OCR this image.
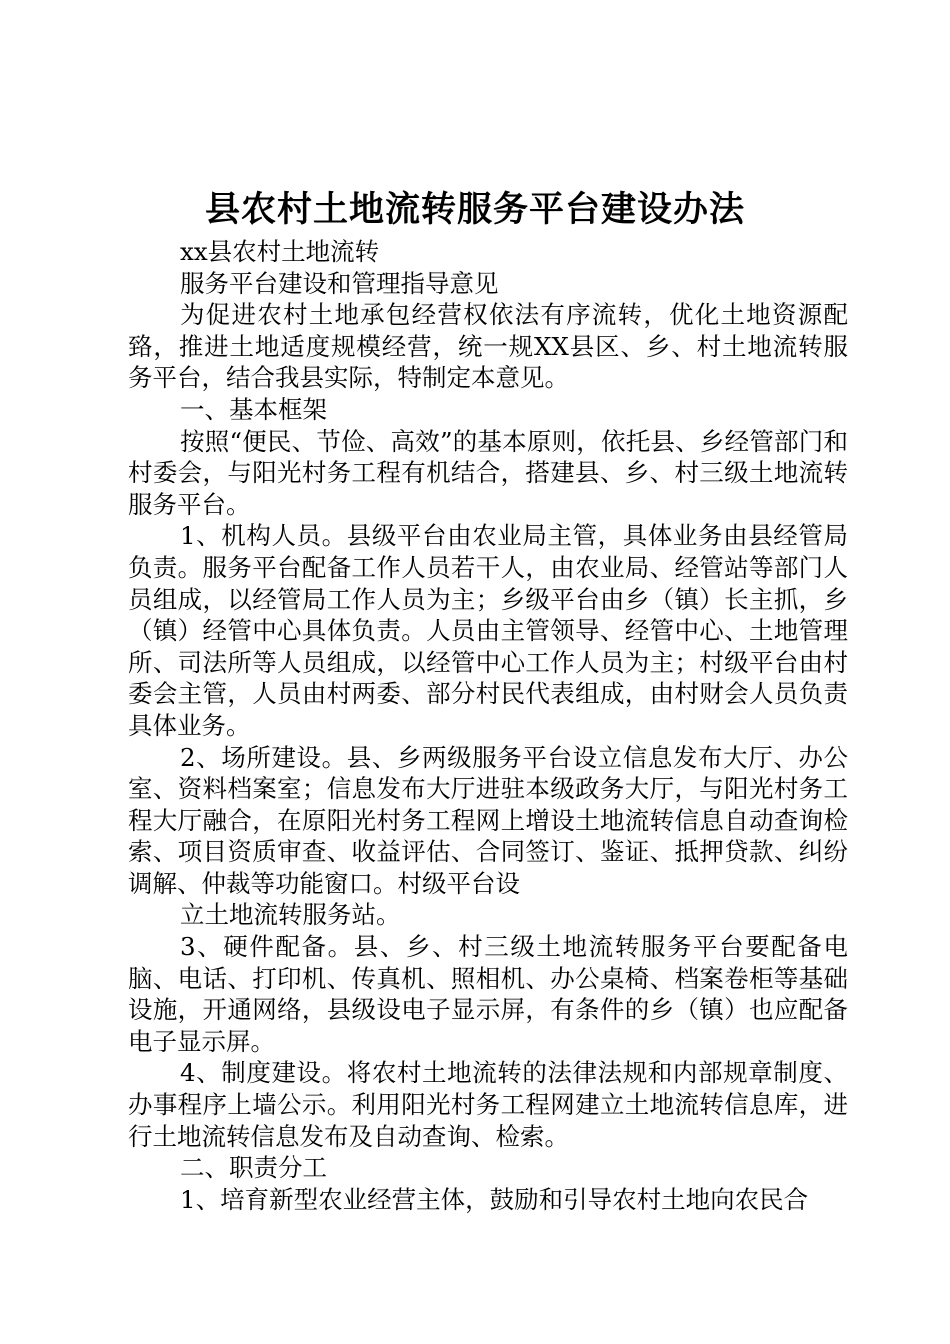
县农村土地流转服务平台建设办法

xx县农村土地流转

服务平台建设和管理指导意见

为促进农村土地承包经营权依法有序流转，优化土地资源配臵，推进土地适度规模经营，统一规XX县区、乡、村土地流转服务平台，结合我县实际，特制定本意见。

一、基本框架

按照“便民、节俭、高效”的基本原则，依托县、乡经管部门和村委会，与阳光村务工程有机结合，搭建县、乡、村三级土地流转服务平台。

1、机构人员。县级平台由农业局主管，具体业务由县经管局负责。服务平台配备工作人员若干人，由农业局、经管站等部门人员组成，以经管局工作人员为主；乡级平台由乡（镇）长主抓，乡（镇）经管中心具体负责。人员由主管领导、经管中心、土地管理所、司法所等人员组成，以经管中心工作人员为主；村级平台由村委会主管，人员由村两委、部分村民代表组成，由村财会人员负责具体业务。

2、场所建设。县、乡两级服务平台设立信息发布大厅、办公室、资料档案室；信息发布大厅进驻本级政务大厅，与阳光村务工程大厅融合，在原阳光村务工程网上增设土地流转信息自动查询检索、项目资质审查、收益评估、合同签订、鉴证、抵押贷款、纠纷调解、仲裁等功能窗口。村级平台设

立土地流转服务站。

3、硬件配备。县、乡、村三级土地流转服务平台要配备电脑、电话、打印机、传真机、照相机、办公桌椅、档案卷柜等基础设施，开通网络，县级设电子显示屏，有条件的乡（镇）也应配备电子显示屏。

4、制度建设。将农村土地流转的法律法规和内部规章制度、办事程序上墙公示。利用阳光村务工程网建立土地流转信息库，进行土地流转信息发布及自动查询、检索。

二、职责分工

1、培育新型农业经营主体，鼓励和引导农村土地向农民合
